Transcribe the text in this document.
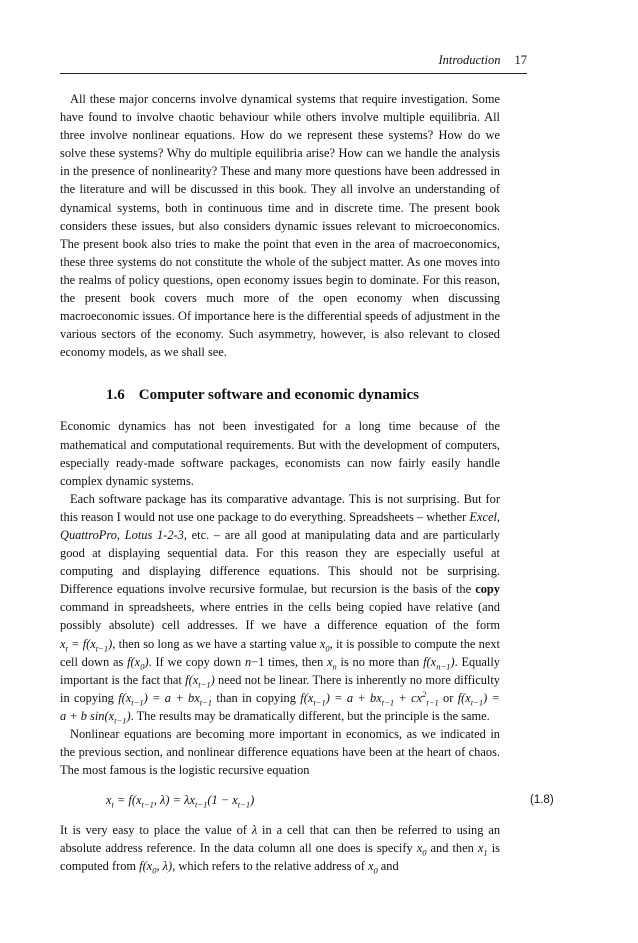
Introduction 17

All these major concerns involve dynamical systems that require investigation. Some have found to involve chaotic behaviour while others involve multiple equilibria. All three involve nonlinear equations. How do we represent these systems? How do we solve these systems? Why do multiple equilibria arise? How can we handle the analysis in the presence of nonlinearity? These and many more questions have been addressed in the literature and will be discussed in this book. They all involve an understanding of dynamical systems, both in continuous time and in discrete time. The present book considers these issues, but also considers dynamic issues relevant to microeconomics. The present book also tries to make the point that even in the area of macroeconomics, these three systems do not constitute the whole of the subject matter. As one moves into the realms of policy questions, open economy issues begin to dominate. For this reason, the present book covers much more of the open economy when discussing macroeconomic issues. Of importance here is the differential speeds of adjustment in the various sectors of the economy. Such asymmetry, however, is also relevant to closed economy models, as we shall see.

1.6 Computer software and economic dynamics

Economic dynamics has not been investigated for a long time because of the mathematical and computational requirements. But with the development of computers, especially ready-made software packages, economists can now fairly easily handle complex dynamic systems.

Each software package has its comparative advantage. This is not surprising. But for this reason I would not use one package to do everything. Spreadsheets – whether Excel, QuattroPro, Lotus 1-2-3, etc. – are all good at manipulating data and are particularly good at displaying sequential data. For this reason they are especially useful at computing and displaying difference equations. This should not be surprising. Difference equations involve recursive formulae, but recursion is the basis of the copy command in spreadsheets, where entries in the cells being copied have relative (and possibly absolute) cell addresses. If we have a difference equation of the form $x_t = f(x_{t-1})$, then so long as we have a starting value $x_0$, it is possible to compute the next cell down as $f(x_0)$. If we copy down n−1 times, then $x_n$ is no more than $f(x_{n-1})$. Equally important is the fact that $f(x_{t-1})$ need not be linear. There is inherently no more difficulty in copying $f(x_{t-1}) = a + bx_{t-1}$ than in copying $f(x_{t-1}) = a + bx_{t-1} + cx^2_{t-1}$ or $f(x_{t-1}) = a + b$ $\sin(x_{t-1})$. The results may be dramatically different, but the principle is the same.

Nonlinear equations are becoming more important in economics, as we indicated in the previous section, and nonlinear difference equations have been at the heart of chaos. The most famous is the logistic recursive equation

$x_t = f(x_{t-1}$, $\lambda) = \lambda x_{t-1}(1 - x_{t-1})$	(1.8)

It is very easy to place the value of λ in a cell that can then be referred to using an absolute address reference. In the data column all one does is specify $x_0$ and then $x_1$ is computed from $f(x_0$, λ), which refers to the relative address of $x_0$ and
